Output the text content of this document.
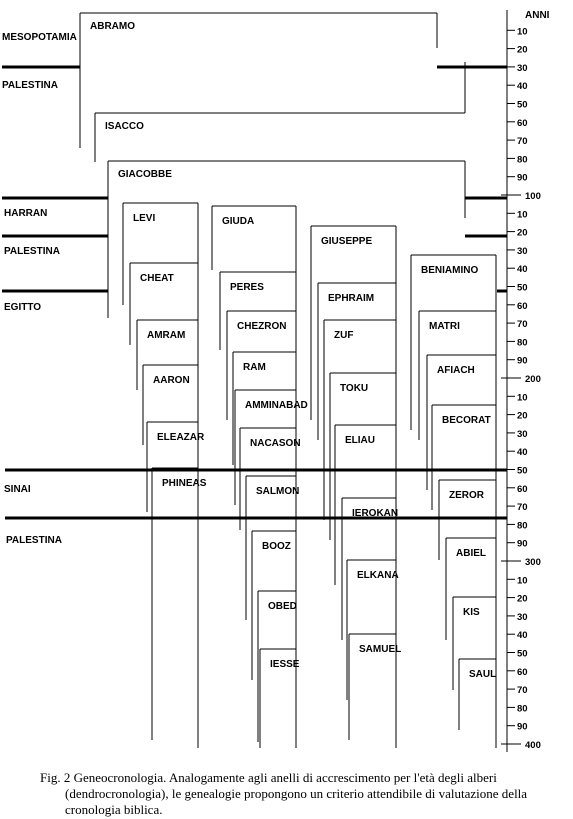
MESOPOTAMIA
PALESTINA
HARRAN
PALESTINA
EGITTO
SINAI
PALESTINA
ABRAMO
ISACCO
GIACOBBE
LEVI
CHEAT
AMRAM
AARON
ELEAZAR
PHINEAS
GIUDA
PERES
CHEZRON
RAM
AMMINABAD
NACASON
SALMON
BOOZ
OBED
IESSE
GIUSEPPE
EPHRAIM
ZUF
TOKU
ELIAU
IEROKAN
ELKANA
SAMUEL
BENIAMINO
MATRI
AFIACH
BECORAT
ZEROR
ABIEL
KIS
SAUL
ANNI
10
20
30
40
50
60
70
80
90
100
10
20
30
40
50
60
70
80
90
200
10
20
30
40
50
60
70
80
90
300
10
20
30
40
50
60
70
80
90
400

Fig. 2 Geneocronologia. Analogamente agli anelli di accrescimento per l'età degli alberi
(dendrocronologia), le genealogie propongono un criterio attendibile di valutazione della
cronologia biblica.
